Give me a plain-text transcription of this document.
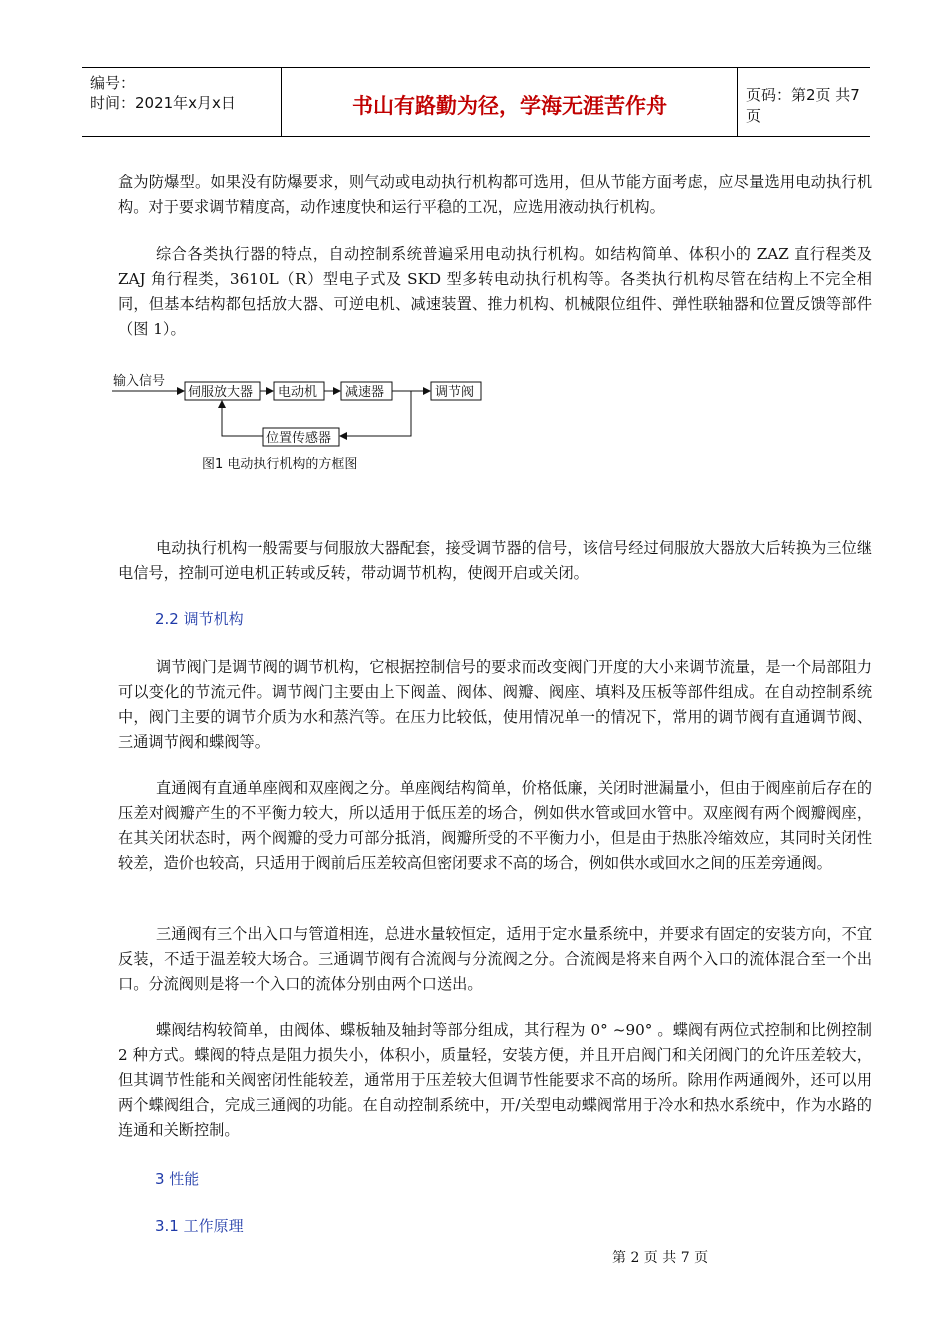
编号：
时间：2021年x月x日	书山有路勤为径，学海无涯苦作舟	页码：第2页 共7页

盒为防爆型。如果没有防爆要求，则气动或电动执行机构都可选用，但从节能方面考虑，应尽量选用电动执行机构。对于要求调节精度高，动作速度快和运行平稳的工况，应选用液动执行机构。

综合各类执行器的特点，自动控制系统普遍采用电动执行机构。如结构简单、体积小的 ZAZ 直行程类及 ZAJ 角行程类，3610L（R）型电子式及 SKD 型多转电动执行机构等。各类执行机构尽管在结构上不完全相同，但基本结构都包括放大器、可逆电机、减速装置、推力机构、机械限位组件、弹性联轴器和位置反馈等部件（图 1）。

输入信号
伺服放大器 电动机 减速器	调节阀
位置传感器
图1 电动执行机构的方框图

电动执行机构一般需要与伺服放大器配套，接受调节器的信号，该信号经过伺服放大器放大后转换为三位继电信号，控制可逆电机正转或反转，带动调节机构，使阀开启或关闭。

2.2 调节机构

调节阀门是调节阀的调节机构，它根据控制信号的要求而改变阀门开度的大小来调节流量，是一个局部阻力可以变化的节流元件。调节阀门主要由上下阀盖、阀体、阀瓣、阀座、填料及压板等部件组成。在自动控制系统中，阀门主要的调节介质为水和蒸汽等。在压力比较低，使用情况单一的情况下，常用的调节阀有直通调节阀、三通调节阀和蝶阀等。

直通阀有直通单座阀和双座阀之分。单座阀结构简单，价格低廉，关闭时泄漏量小，但由于阀座前后存在的压差对阀瓣产生的不平衡力较大，所以适用于低压差的场合，例如供水管或回水管中。双座阀有两个阀瓣阀座，在其关闭状态时，两个阀瓣的受力可部分抵消，阀瓣所受的不平衡力小，但是由于热胀冷缩效应，其同时关闭性较差，造价也较高，只适用于阀前后压差较高但密闭要求不高的场合，例如供水或回水之间的压差旁通阀。

三通阀有三个出入口与管道相连，总进水量较恒定，适用于定水量系统中，并要求有固定的安装方向，不宜反装，不适于温差较大场合。三通调节阀有合流阀与分流阀之分。合流阀是将来自两个入口的流体混合至一个出口。分流阀则是将一个入口的流体分别由两个口送出。

蝶阀结构较简单，由阀体、蝶板轴及轴封等部分组成，其行程为 0° ~90° 。蝶阀有两位式控制和比例控制 2 种方式。蝶阀的特点是阻力损失小，体积小，质量轻，安装方便，并且开启阀门和关闭阀门的允许压差较大，但其调节性能和关阀密闭性能较差，通常用于压差较大但调节性能要求不高的场所。除用作两通阀外，还可以用两个蝶阀组合，完成三通阀的功能。在自动控制系统中，开/关型电动蝶阀常用于冷水和热水系统中，作为水路的连通和关断控制。

3 性能
3.1 工作原理
第 2 页 共 7 页
